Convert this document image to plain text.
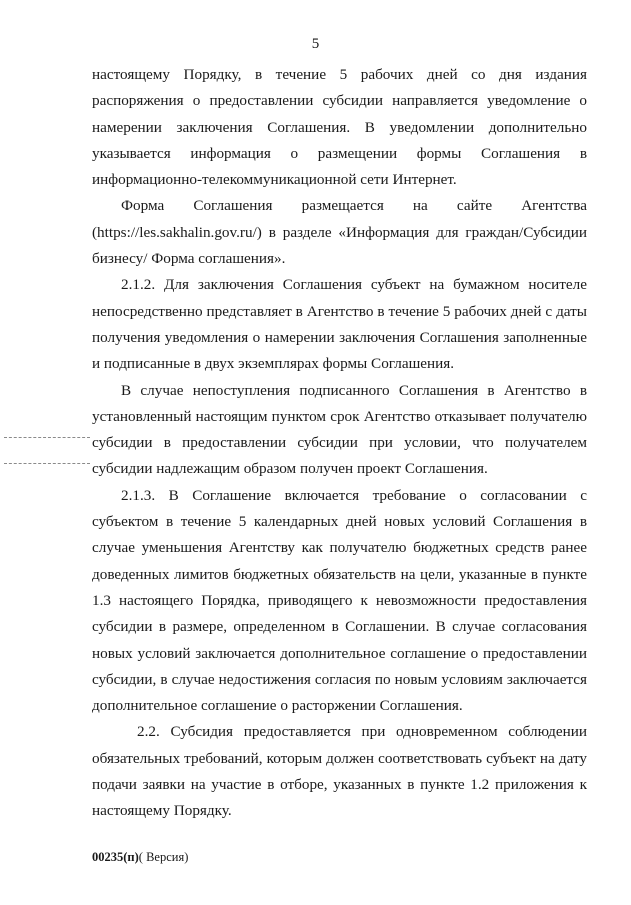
5

настоящему Порядку, в течение 5 рабочих дней со дня издания распоряжения о предоставлении субсидии направляется уведомление о намерении заключения Соглашения. В уведомлении дополнительно указывается информация о размещении формы Соглашения в информационно-телекоммуникационной сети Интернет.

Форма Соглашения размещается на сайте Агентства (https://les.sakhalin.gov.ru/) в разделе «Информация для граждан/Субсидии бизнесу/ Форма соглашения».

2.1.2. Для заключения Соглашения субъект на бумажном носителе непосредственно представляет в Агентство в течение 5 рабочих дней с даты получения уведомления о намерении заключения Соглашения заполненные и подписанные в двух экземплярах формы Соглашения.

В случае непоступления подписанного Соглашения в Агентство в установленный настоящим пунктом срок Агентство отказывает получателю субсидии в предоставлении субсидии при условии, что получателем субсидии надлежащим образом получен проект Соглашения.

2.1.3. В Соглашение включается требование о согласовании с субъектом в течение 5 календарных дней новых условий Соглашения в случае уменьшения Агентству как получателю бюджетных средств ранее доведенных лимитов бюджетных обязательств на цели, указанные в пункте 1.3 настоящего Порядка, приводящего к невозможности предоставления субсидии в размере, определенном в Соглашении. В случае согласования новых условий заключается дополнительное соглашение о предоставлении субсидии, в случае недостижения согласия по новым условиям заключается дополнительное соглашение о расторжении Соглашения.

2.2. Субсидия предоставляется при одновременном соблюдении обязательных требований, которым должен соответствовать субъект на дату подачи заявки на участие в отборе, указанных в пункте 1.2 приложения к настоящему Порядку.

00235(п)( Версия)
